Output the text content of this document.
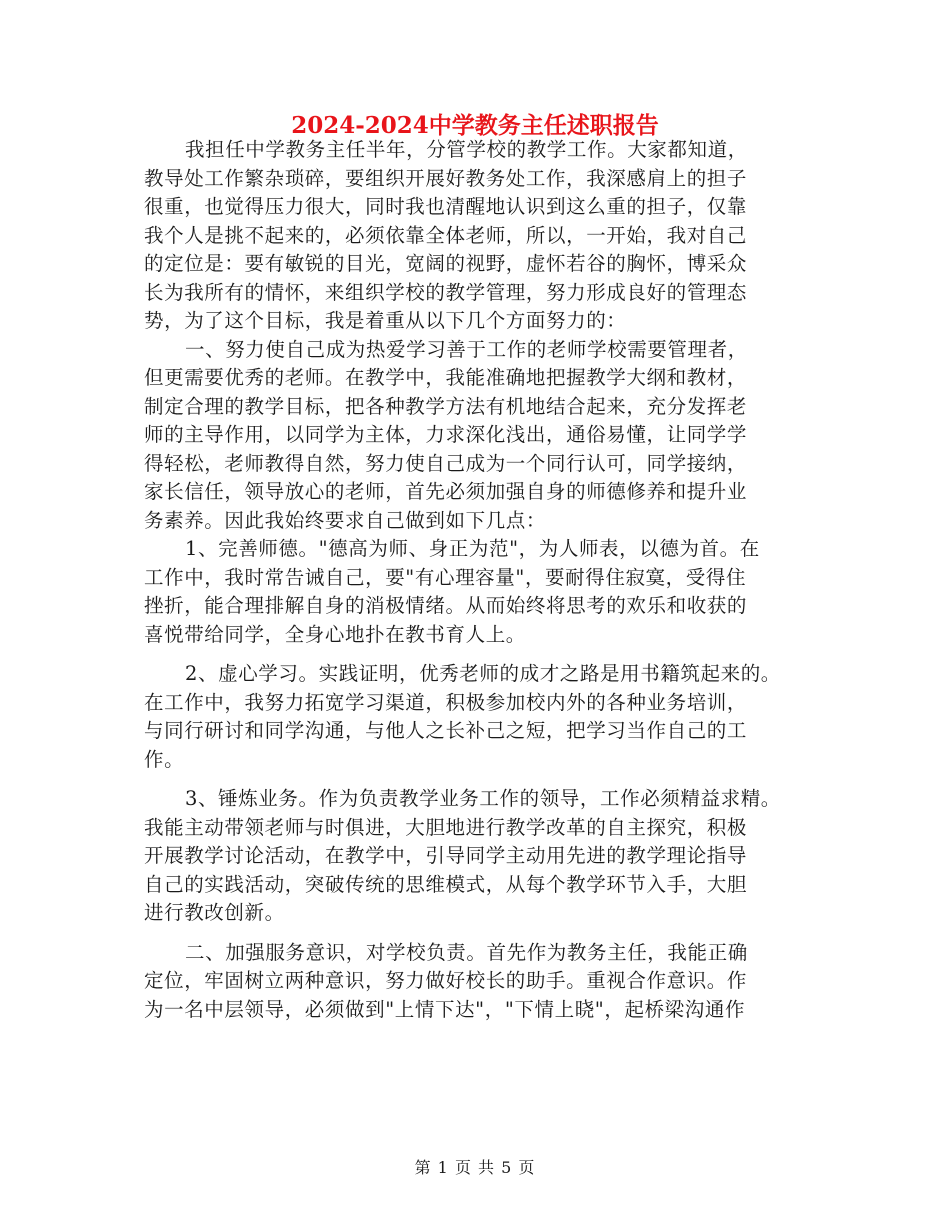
2024-2024中学教务主任述职报告
我担任中学教务主任半年，分管学校的教学工作。大家都知道，
教导处工作繁杂琐碎，要组织开展好教务处工作，我深感肩上的担子
很重，也觉得压力很大，同时我也清醒地认识到这么重的担子，仅靠
我个人是挑不起来的，必须依靠全体老师，所以，一开始，我对自己
的定位是：要有敏锐的目光，宽阔的视野，虚怀若谷的胸怀，博采众
长为我所有的情怀，来组织学校的教学管理，努力形成良好的管理态
势，为了这个目标，我是着重从以下几个方面努力的：
一、努力使自己成为热爱学习善于工作的老师学校需要管理者，
但更需要优秀的老师。在教学中，我能准确地把握教学大纲和教材，
制定合理的教学目标，把各种教学方法有机地结合起来，充分发挥老
师的主导作用，以同学为主体，力求深化浅出，通俗易懂，让同学学
得轻松，老师教得自然，努力使自己成为一个同行认可，同学接纳，
家长信任，领导放心的老师，首先必须加强自身的师德修养和提升业
务素养。因此我始终要求自己做到如下几点：
1、完善师德。"德高为师、身正为范"，为人师表，以德为首。在
工作中，我时常告诫自己，要"有心理容量"，要耐得住寂寞，受得住
挫折，能合理排解自身的消极情绪。从而始终将思考的欢乐和收获的
喜悦带给同学，全身心地扑在教书育人上。
2、虚心学习。实践证明，优秀老师的成才之路是用书籍筑起来的。
在工作中，我努力拓宽学习渠道，积极参加校内外的各种业务培训，
与同行研讨和同学沟通，与他人之长补己之短，把学习当作自己的工
作。
3、锤炼业务。作为负责教学业务工作的领导，工作必须精益求精。
我能主动带领老师与时俱进，大胆地进行教学改革的自主探究，积极
开展教学讨论活动，在教学中，引导同学主动用先进的教学理论指导
自己的实践活动，突破传统的思维模式，从每个教学环节入手，大胆
进行教改创新。
二、加强服务意识，对学校负责。首先作为教务主任，我能正确
定位，牢固树立两种意识，努力做好校长的助手。重视合作意识。作
为一名中层领导，必须做到"上情下达"，"下情上晓"，起桥梁沟通作
第 1 页 共 5 页
